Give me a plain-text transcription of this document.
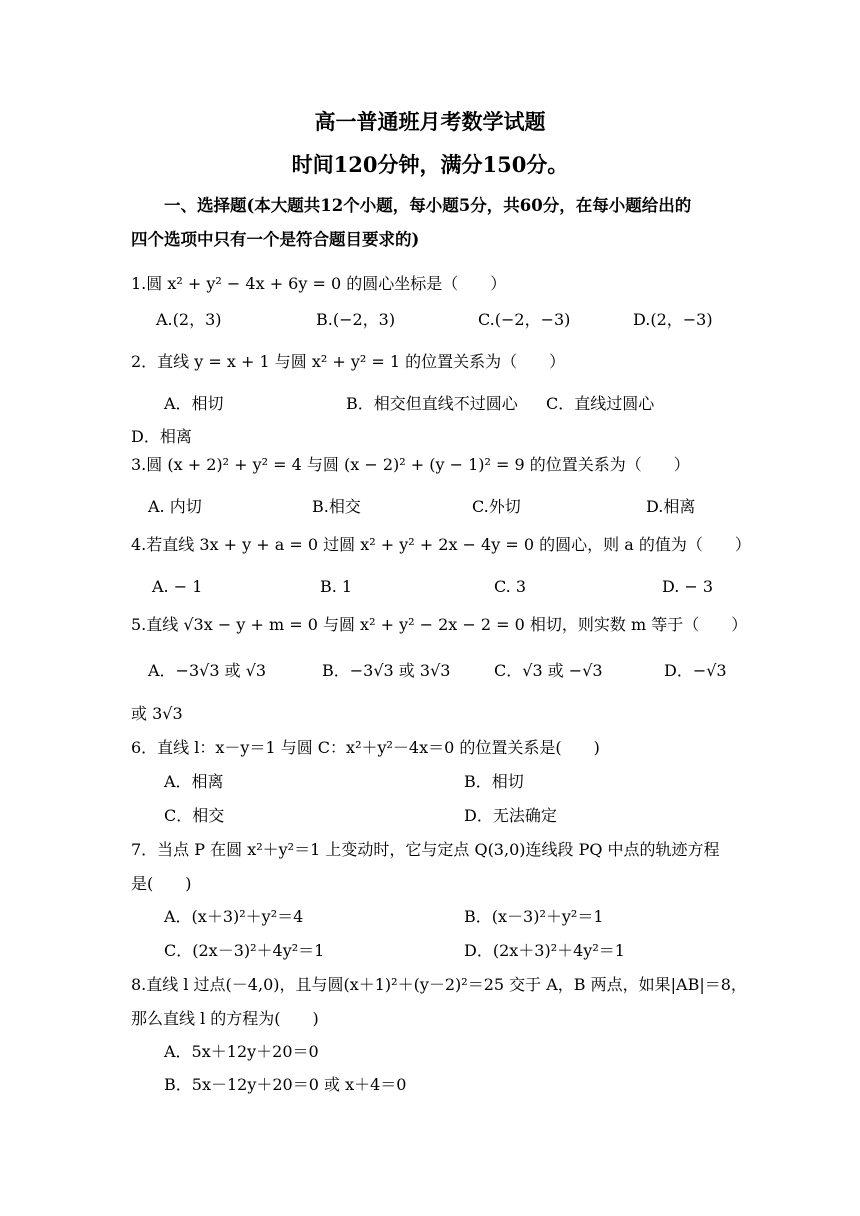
高一普通班月考数学试题
时间120分钟，满分150分。
一、选择题(本大题共12个小题，每小题5分，共60分，在每小题给出的
四个选项中只有一个是符合题目要求的)
1.圆 x² + y² − 4x + 6y = 0 的圆心坐标是（　　）
A.(2，3)	B.(−2，3)	C.(−2，−3)	D.(2，−3)
2．直线 y = x + 1 与圆 x² + y² = 1 的位置关系为（　　）
A．相切	B．相交但直线不过圆心 C．直线过圆心
D．相离
3.圆 (x + 2)² + y² = 4 与圆 (x − 2)² + (y − 1)² = 9 的位置关系为（　　）
A. 内切	B.相交	C.外切	D.相离
4.若直线 3x + y + a = 0 过圆 x² + y² + 2x − 4y = 0 的圆心，则 a 的值为（　　）
A. − 1	B. 1	C. 3	D. − 3
5.直线 √3x − y + m = 0 与圆 x² + y² − 2x − 2 = 0 相切，则实数 m 等于（　　）
A．−3√3 或 √3	B．−3√3 或 3√3	C．√3 或 −√3	D．−√3
或 3√3
6．直线 l：x－y＝1 与圆 C：x²＋y²－4x＝0 的位置关系是(　　)
A．相离	B．相切
C．相交	D．无法确定
7．当点 P 在圆 x²＋y²＝1 上变动时，它与定点 Q(3,0)连线段 PQ 中点的轨迹方程
是(　　)
A．(x＋3)²＋y²＝4	B．(x－3)²＋y²＝1
C．(2x－3)²＋4y²＝1	D．(2x＋3)²＋4y²＝1
8.直线 l 过点(－4,0)，且与圆(x＋1)²＋(y－2)²＝25 交于 A，B 两点，如果|AB|＝8，
那么直线 l 的方程为(　　)
A．5x＋12y＋20＝0
B．5x－12y＋20＝0 或 x＋4＝0
